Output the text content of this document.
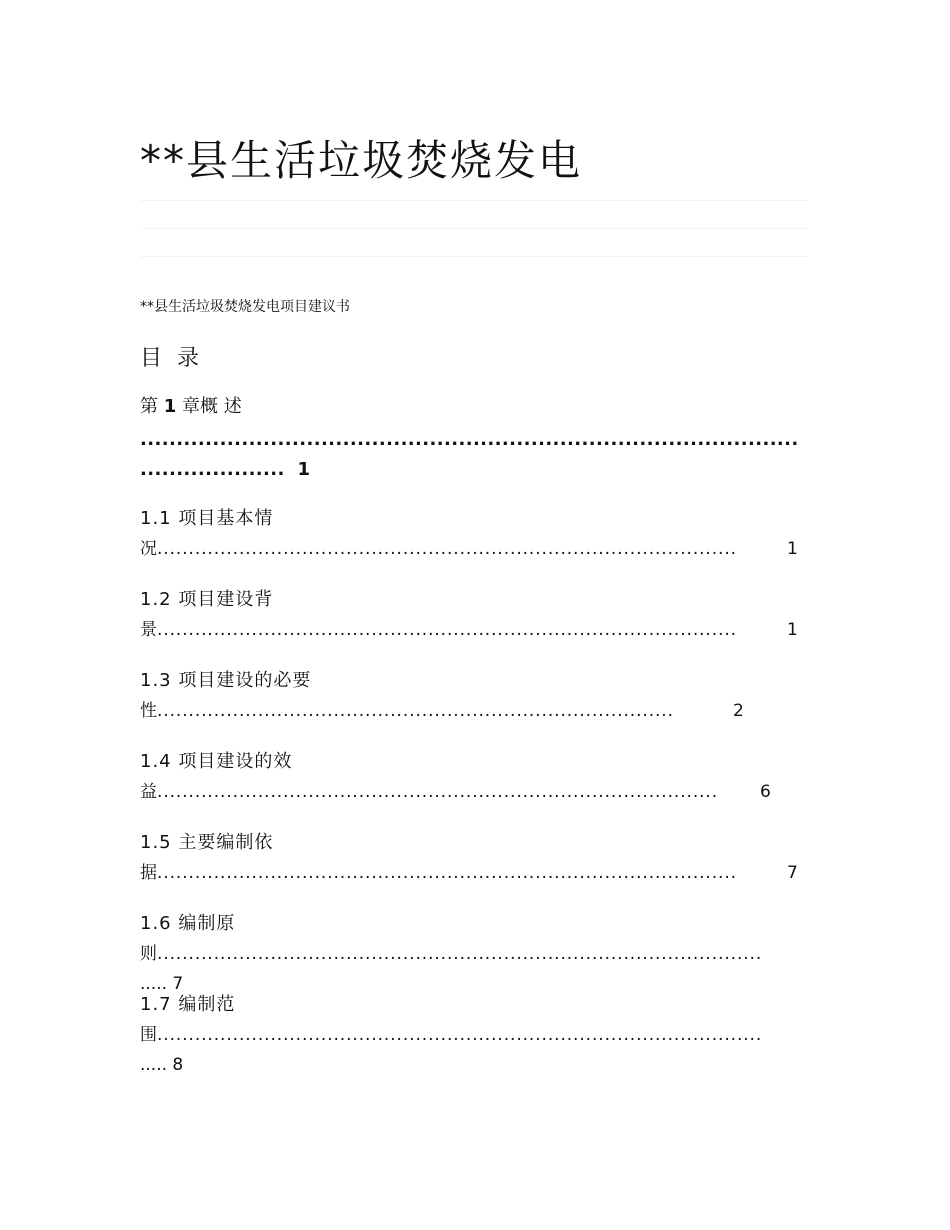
**县生活垃圾焚烧发电
**县生活垃圾焚烧发电项目建议书
目 录
第 1 章概 述
...........................................................................................
.................... 1
1.1 项目基本情
况 ............................................................................................	1
1.2 项目建设背
景 ............................................................................................	1
1.3 项目建设的必要
性 ..................................................................................	2
1.4 项目建设的效
益 .........................................................................................	6
1.5 主要编制依
据 ............................................................................................	7
1.6 编制原
则 ................................................................................................
..... 7
1.7 编制范
围 ................................................................................................
..... 8
